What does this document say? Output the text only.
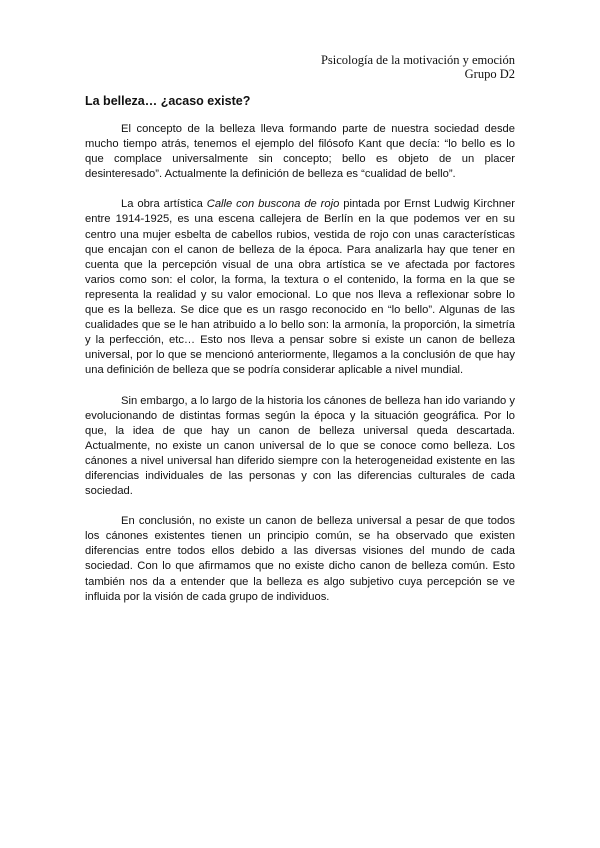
Psicología de la motivación y emoción
Grupo D2
La belleza… ¿acaso existe?

El concepto de la belleza lleva formando parte de nuestra sociedad desde mucho tiempo atrás, tenemos el ejemplo del filósofo Kant que decía: “lo bello es lo que complace universalmente sin concepto; bello es objeto de un placer desinteresado”. Actualmente la definición de belleza es “cualidad de bello”.

La obra artística Calle con buscona de rojo pintada por Ernst Ludwig Kirchner entre 1914-1925, es una escena callejera de Berlín en la que podemos ver en su centro una mujer esbelta de cabellos rubios, vestida de rojo con unas características que encajan con el canon de belleza de la época. Para analizarla hay que tener en cuenta que la percepción visual de una obra artística se ve afectada por factores varios como son: el color, la forma, la textura o el contenido, la forma en la que se representa la realidad y su valor emocional. Lo que nos lleva a reflexionar sobre lo que es la belleza. Se dice que es un rasgo reconocido en “lo bello”. Algunas de las cualidades que se le han atribuido a lo bello son: la armonía, la proporción, la simetría y la perfección, etc… Esto nos lleva a pensar sobre si existe un canon de belleza universal, por lo que se mencionó anteriormente, llegamos a la conclusión de que hay una definición de belleza que se podría considerar aplicable a nivel mundial.

Sin embargo, a lo largo de la historia los cánones de belleza han ido variando y evolucionando de distintas formas según la época y la situación geográfica. Por lo que, la idea de que hay un canon de belleza universal queda descartada. Actualmente, no existe un canon universal de lo que se conoce como belleza. Los cánones a nivel universal han diferido siempre con la heterogeneidad existente en las diferencias individuales de las personas y con las diferencias culturales de cada sociedad.

En conclusión, no existe un canon de belleza universal a pesar de que todos los cánones existentes tienen un principio común, se ha observado que existen diferencias entre todos ellos debido a las diversas visiones del mundo de cada sociedad. Con lo que afirmamos que no existe dicho canon de belleza común. Esto también nos da a entender que la belleza es algo subjetivo cuya percepción se ve influida por la visión de cada grupo de individuos.
